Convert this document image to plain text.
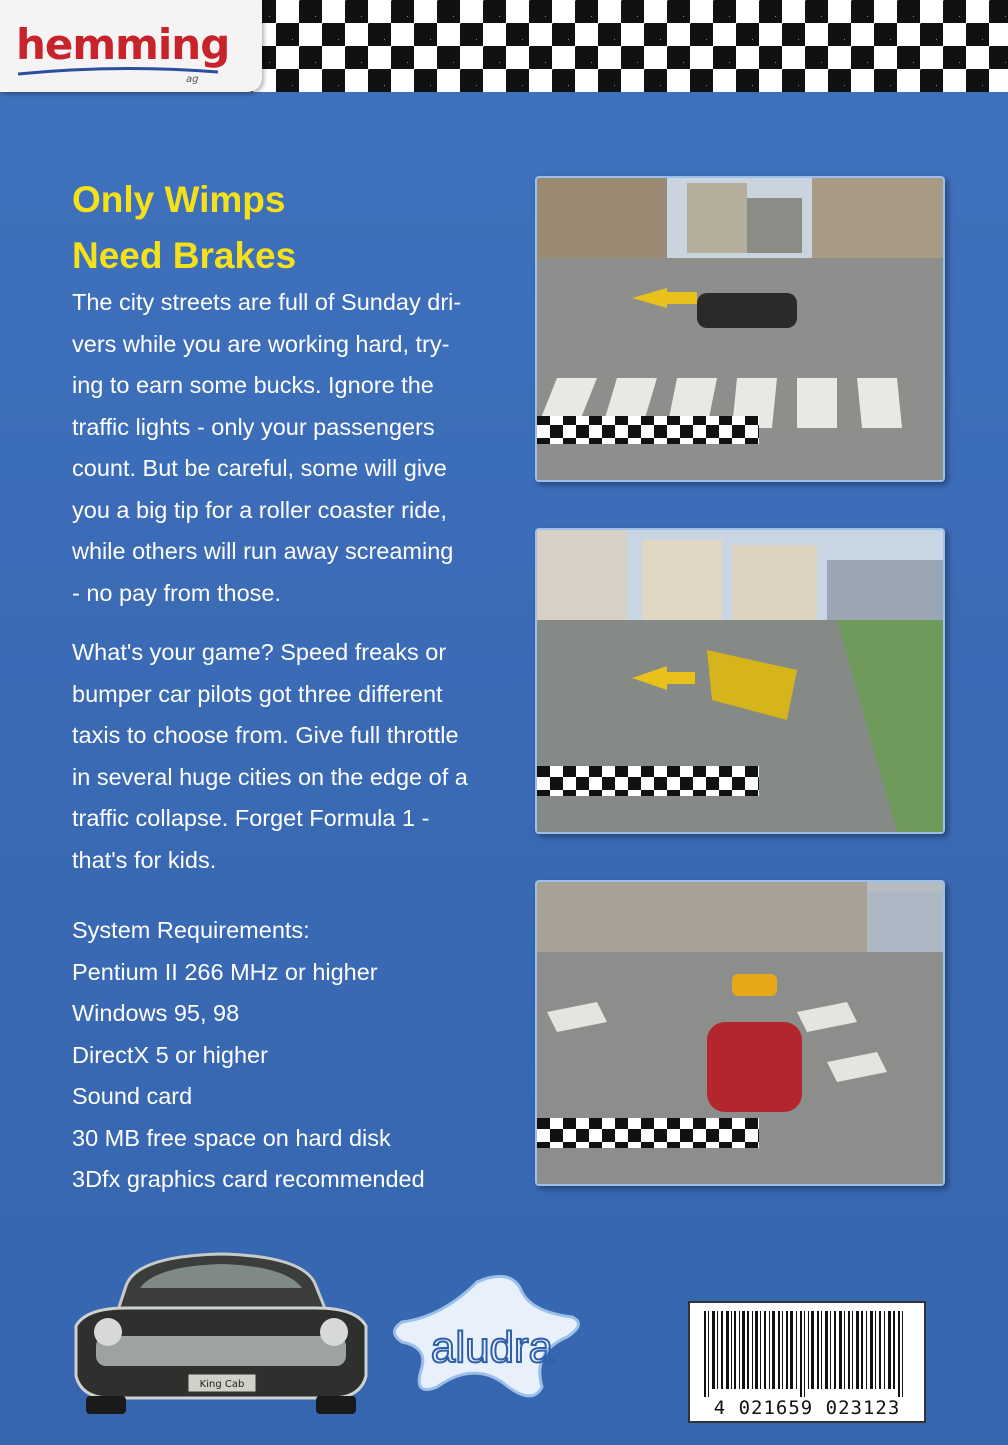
hemming
ag
Only Wimps
Need Brakes
The city streets are full of Sunday dri-
vers while you are working hard, try-
ing to earn some bucks. Ignore the
traffic lights - only your passengers
count. But be careful, some will give
you a big tip for a roller coaster ride,
while others will run away screaming
- no pay from those.
What's your game? Speed freaks or
bumper car pilots got three different
taxis to choose from. Give full throttle
in several huge cities on the edge of a
traffic collapse. Forget Formula 1 -
that's for kids.
System Requirements:
Pentium II 266 MHz or higher
Windows 95, 98
DirectX 5 or higher
Sound card
30 MB free space on hard disk
3Dfx graphics card recommended
King Cab
aludra
4 021659 023123
